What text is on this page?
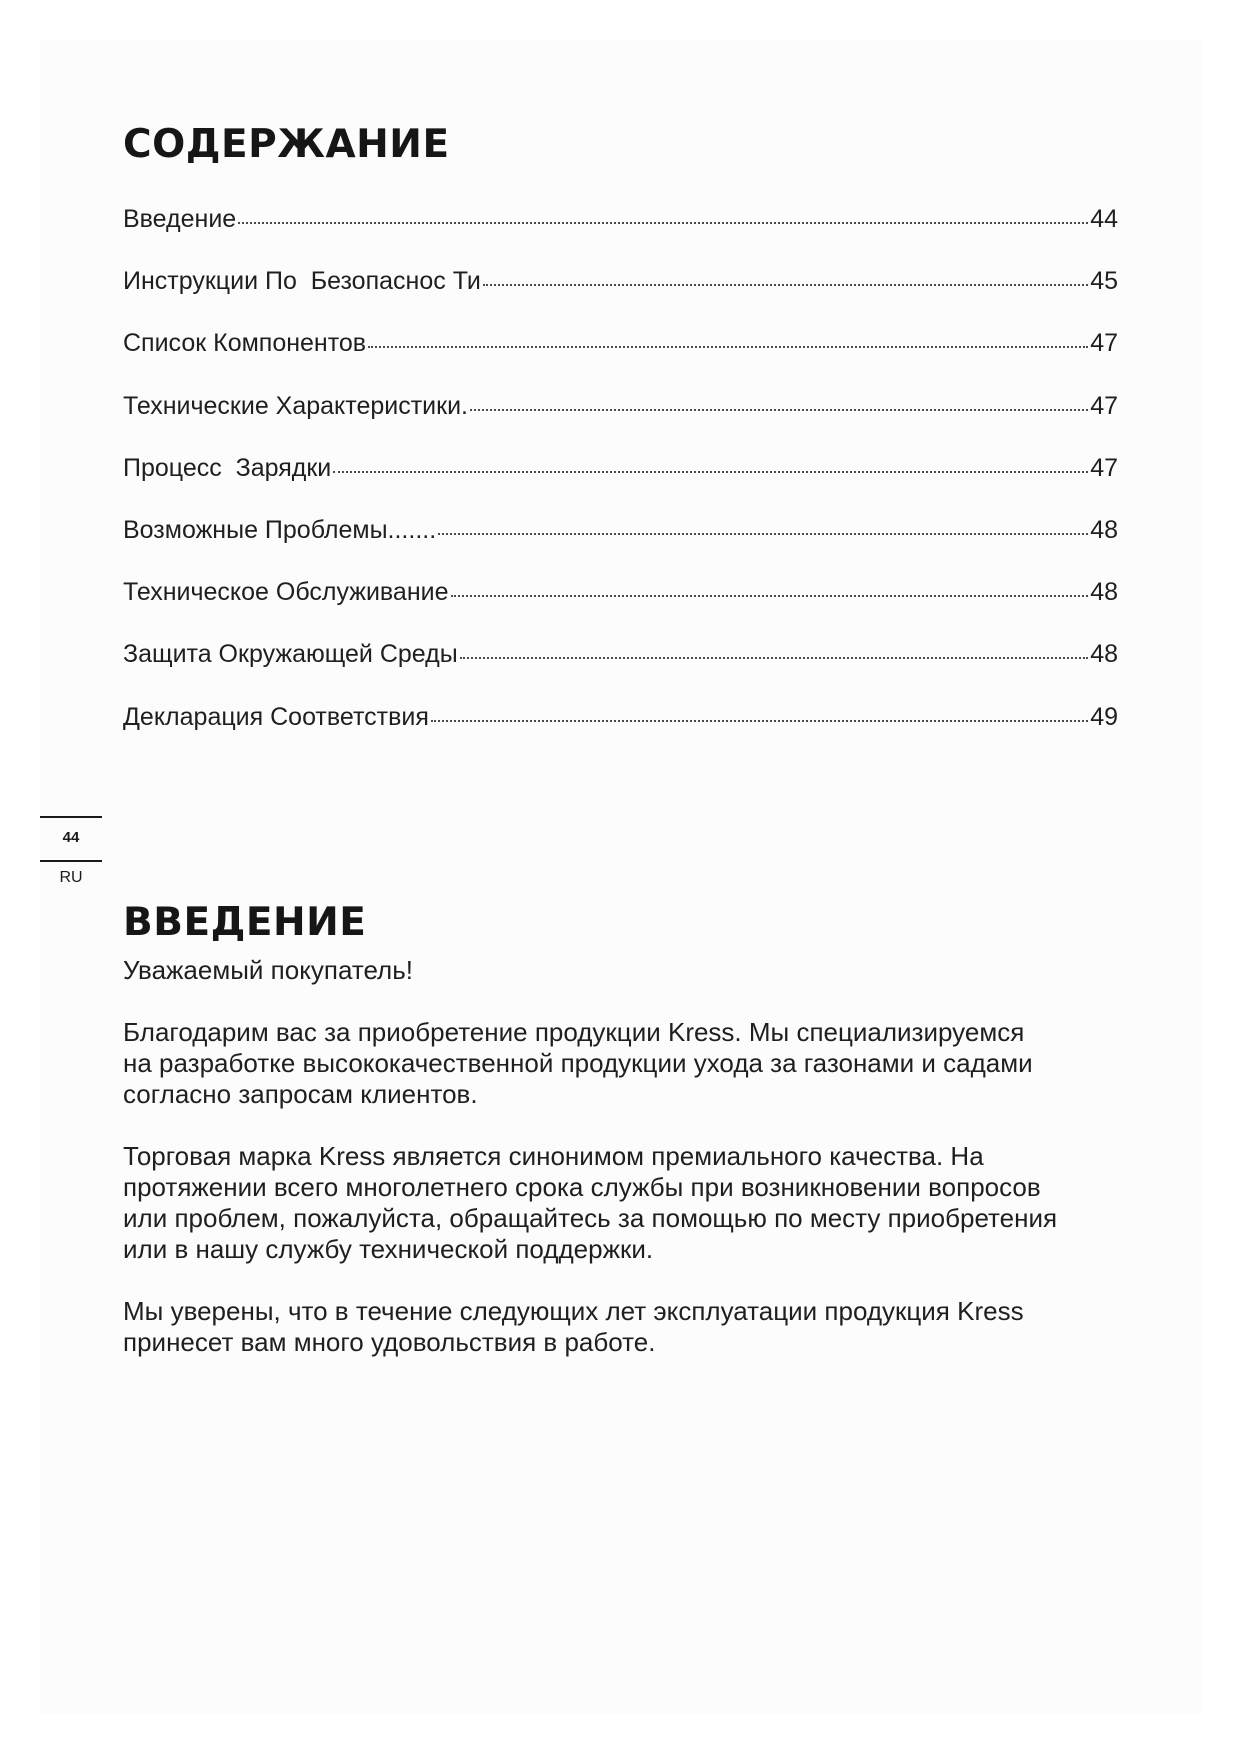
СОДЕРЖАНИЕ
Введение	44
Инструкции По  Безопаснос Ти	45
Список Компонентов	47
Технические Характеристики.	47
Процесс  Зарядки	47
Возможные Проблемы.......	48
Техническое Обслуживание	48
Защита Окружающей Среды	48
Декларация Соответствия	49
44
RU
ВВЕДЕНИЕ

Уважаемый покупатель!

Благодарим вас за приобретение продукции Kress. Мы специализируемся
на разработке высококачественной продукции ухода за газонами и садами
согласно запросам клиентов.

Торговая марка Kress является синонимом премиального качества. На
протяжении всего многолетнего срока службы при возникновении вопросов
или проблем, пожалуйста, обращайтесь за помощью по месту приобретения
или в нашу службу технической поддержки.

Мы уверены, что в течение следующих лет эксплуатации продукция Kress
принесет вам много удовольствия в работе.
